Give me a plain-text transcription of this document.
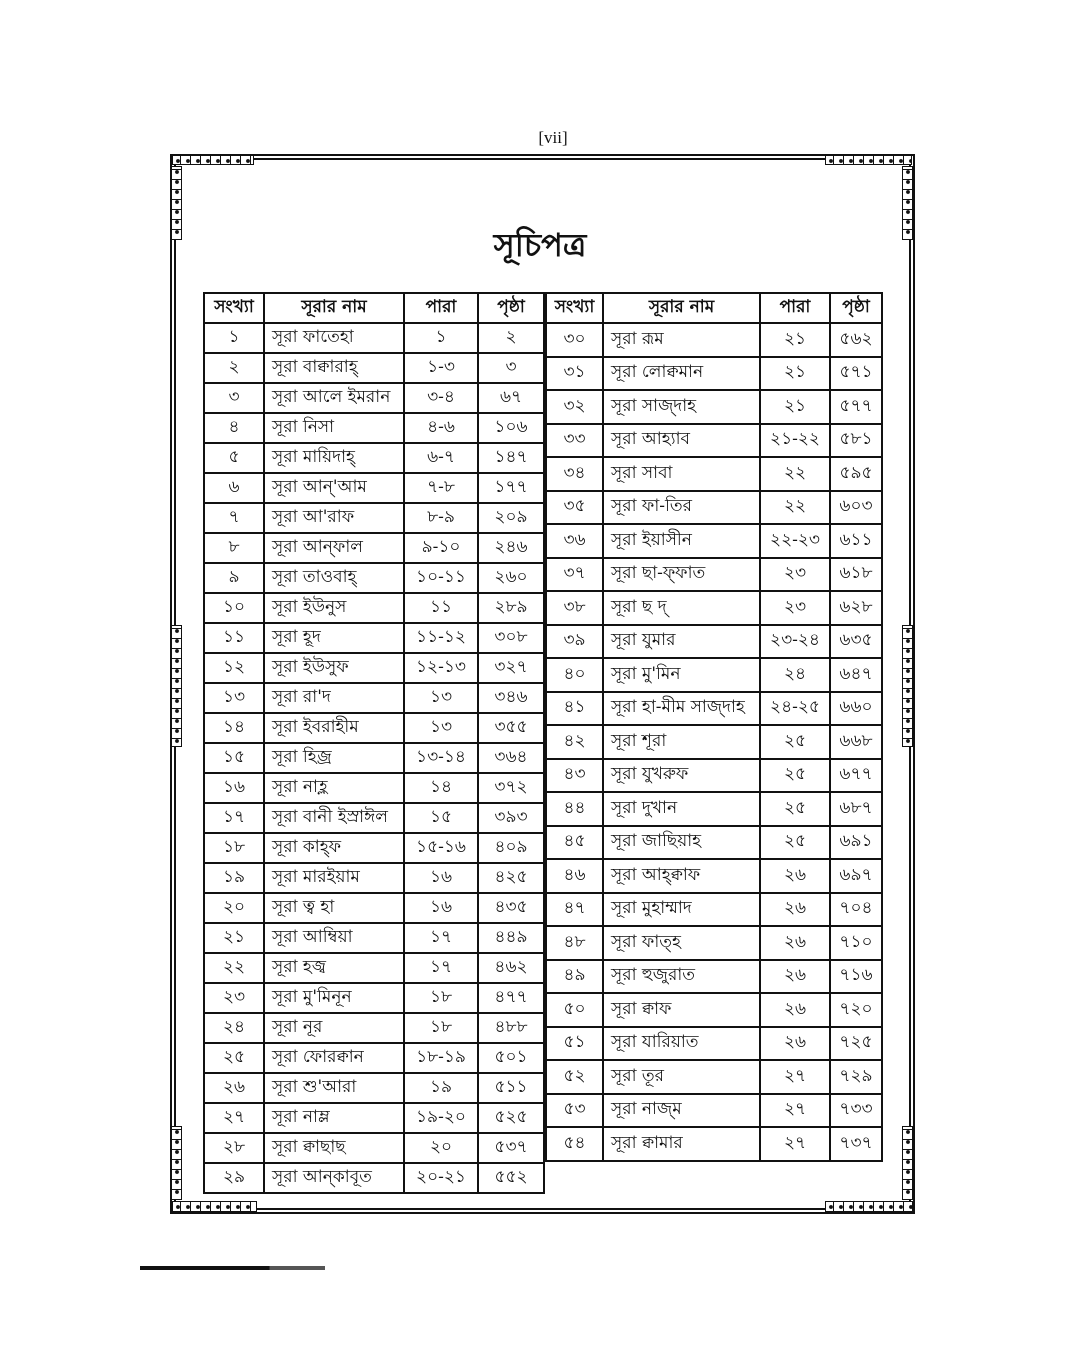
[vii]
সূচিপত্র
সংখ্যা	সূরার নাম	পারা	পৃষ্ঠা
১	সূরা ফাতেহা	১	২
২	সূরা বাক্বারাহ্	১-৩	৩
৩	সূরা আলে ইমরান	৩-৪	৬৭
৪	সূরা নিসা	৪-৬	১০৬
৫	সূরা মায়িদাহ্	৬-৭	১৪৭
৬	সূরা আন্'আম	৭-৮	১৭৭
৭	সূরা আ'রাফ	৮-৯	২০৯
৮	সূরা আন্ফাল	৯-১০	২৪৬
৯	সূরা তাওবাহ্	১০-১১	২৬০
১০	সূরা ইউনুস	১১	২৮৯
১১	সূরা হূদ	১১-১২	৩০৮
১২	সূরা ইউসুফ	১২-১৩	৩২৭
১৩	সূরা রা'দ	১৩	৩৪৬
১৪	সূরা ইবরাহীম	১৩	৩৫৫
১৫	সূরা হিজ্র	১৩-১৪	৩৬৪
১৬	সূরা নাহ্ল	১৪	৩৭২
১৭	সূরা বানী ইস্রাঈল	১৫	৩৯৩
১৮	সূরা কাহ্ফ	১৫-১৬	৪০৯
১৯	সূরা মারইয়াম	১৬	৪২৫
২০	সূরা ত্ব হা	১৬	৪৩৫
২১	সূরা আম্বিয়া	১৭	৪৪৯
২২	সূরা হজ্ব	১৭	৪৬২
২৩	সূরা মু'মিনূন	১৮	৪৭৭
২৪	সূরা নূর	১৮	৪৮৮
২৫	সূরা ফোরক্বান	১৮-১৯	৫০১
২৬	সূরা শু'আরা	১৯	৫১১
২৭	সূরা নাম্ল	১৯-২০	৫২৫
২৮	সূরা ক্বাছাছ	২০	৫৩৭
২৯	সূরা আন্কাবূত	২০-২১	৫৫২
সংখ্যা	সূরার নাম	পারা	পৃষ্ঠা
৩০	সূরা রূম	২১	৫৬২
৩১	সূরা লোক্বমান	২১	৫৭১
৩২	সূরা সাজ্দাহ	২১	৫৭৭
৩৩	সূরা আহ্যাব	২১-২২	৫৮১
৩৪	সূরা সাবা	২২	৫৯৫
৩৫	সূরা ফা-তির	২২	৬০৩
৩৬	সূরা ইয়াসীন	২২-২৩	৬১১
৩৭	সূরা ছা-ফ্ফাত	২৩	৬১৮
৩৮	সূরা ছ দ্	২৩	৬২৮
৩৯	সূরা যুমার	২৩-২৪	৬৩৫
৪০	সূরা মু'মিন	২৪	৬৪৭
৪১	সূরা হা-মীম সাজ্দাহ	২৪-২৫	৬৬০
৪২	সূরা শূরা	২৫	৬৬৮
৪৩	সূরা যুখরুফ	২৫	৬৭৭
৪৪	সূরা দুখান	২৫	৬৮৭
৪৫	সূরা জাছিয়াহ	২৫	৬৯১
৪৬	সূরা আহ্ক্বাফ	২৬	৬৯৭
৪৭	সূরা মুহাম্মাদ	২৬	৭০৪
৪৮	সূরা ফাত্হ	২৬	৭১০
৪৯	সূরা হুজুরাত	২৬	৭১৬
৫০	সূরা ক্বাফ	২৬	৭২০
৫১	সূরা যারিয়াত	২৬	৭২৫
৫২	সূরা তূর	২৭	৭২৯
৫৩	সূরা নাজ্ম	২৭	৭৩৩
৫৪	সূরা ক্বামার	২৭	৭৩৭
